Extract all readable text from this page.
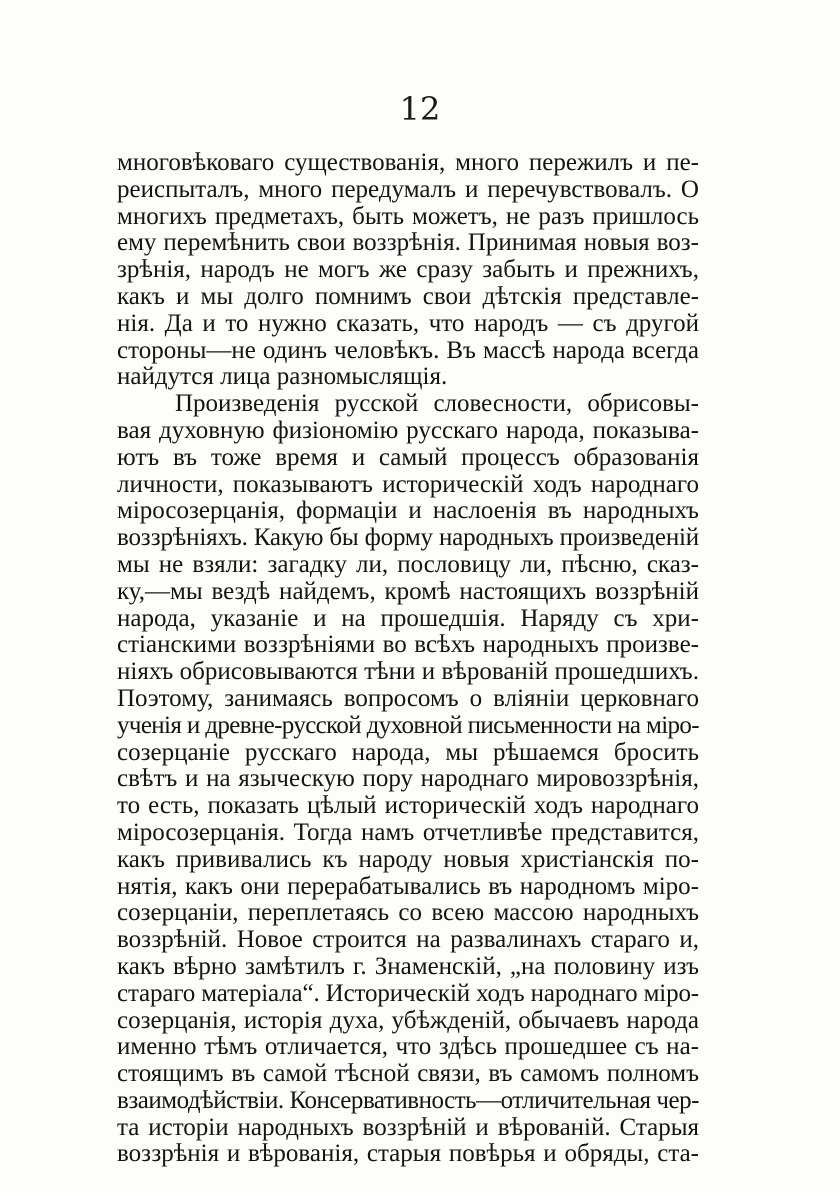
12
многовѣковаго существованія, много пережилъ и пе-
реиспыталъ, много передумалъ и перечувствовалъ. О
многихъ предметахъ, быть можетъ, не разъ пришлось
ему перемѣнить свои воззрѣнія. Принимая новыя воз-
зрѣнія, народъ не могъ же сразу забыть и прежнихъ,
какъ и мы долго помнимъ свои дѣтскія представле-
нія. Да и то нужно сказать, что народъ — съ другой
стороны—не одинъ человѣкъ. Въ массѣ народа всегда
найдутся лица разномыслящія.
Произведенія русской словесности, обрисовы-
вая духовную физіономію русскаго народа, показыва-
ютъ въ тоже время и самый процессъ образованія
личности, показываютъ историческій ходъ народнаго
міросозерцанія, формаціи и наслоенія въ народныхъ
воззрѣніяхъ. Какую бы форму народныхъ произведеній
мы не взяли: загадку ли, пословицу ли, пѣсню, сказ-
ку,—мы вездѣ найдемъ, кромѣ настоящихъ воззрѣній
народа, указаніе и на прошедшія. Наряду съ хри-
стіанскими воззрѣніями во всѣхъ народныхъ произве-
ніяхъ обрисовываются тѣни и вѣрованій прошедшихъ.
Поэтому, занимаясь вопросомъ о вліяніи церковнаго
ученія и древне-русской духовной письменности на міро-
созерцаніе русскаго народа, мы рѣшаемся бросить
свѣтъ и на языческую пору народнаго мировоззрѣнія,
то есть, показать цѣлый историческій ходъ народнаго
міросозерцанія. Тогда намъ отчетливѣе представится,
какъ прививались къ народу новыя христіанскія по-
нятія, какъ они перерабатывались въ народномъ міро-
созерцаніи, переплетаясь со всею массою народныхъ
воззрѣній. Новое строится на развалинахъ стараго и,
какъ вѣрно замѣтилъ г. Знаменскій, „на половину изъ
стараго матеріала“. Историческій ходъ народнаго міро-
созерцанія, исторія духа, убѣжденій, обычаевъ народа
именно тѣмъ отличается, что здѣсь прошедшее съ на-
стоящимъ въ самой тѣсной связи, въ самомъ полномъ
взаимодѣйствіи. Консервативность—отличительная чер-
та исторіи народныхъ воззрѣній и вѣрованій. Старыя
воззрѣнія и вѣрованія, старыя повѣрья и обряды, ста-
